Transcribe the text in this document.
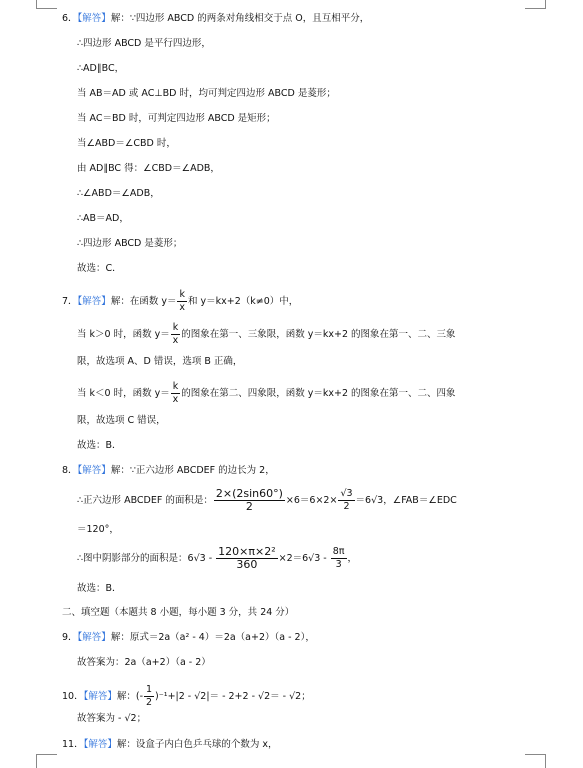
6．【解答】解：∵四边形 ABCD 的两条对角线相交于点 O，且互相平分，
∴四边形 ABCD 是平行四边形，
∴AD∥BC，
当 AB＝AD 或 AC⊥BD 时，均可判定四边形 ABCD 是菱形；
当 AC＝BD 时，可判定四边形 ABCD 是矩形；
当∠ABD＝∠CBD 时，
由 AD∥BC 得：∠CBD＝∠ADB，
∴∠ABD＝∠ADB，
∴AB＝AD，
∴四边形 ABCD 是菱形；
故选：C．
7．【解答】解：在函数 $y= \frac{k}{x}$ 和 y＝kx+2（k≠0）中，
当 k＞0 时，函数 $y= \frac{k}{x}$ 的图象在第一、三象限，函数 y＝kx+2 的图象在第一、二、三象
限，故选项 A、D 错误，选项 B 正确，
当 k＜0 时，函数 $y= \frac{k}{x}$ 的图象在第二、四象限，函数 y＝kx+2 的图象在第一、二、四象
限，故选项 C 错误，
故选：B．
8．【解答】解：∵正六边形 ABCDEF 的边长为 2，
∴正六边形 ABCDEF 的面积是： $\frac{2\times(2\sin 60^\circ)}{2} \times 6=6\times 2\times \frac{√3}{2} =6√3$，∠FAB＝∠EDC
＝120°，
∴图中阴影部分的面积是：$6√3 - \frac{\text{120×π×2²}}{360} \times 2=6√3 - \frac{8\pi}{3}$ ，
故选：B．
二、填空题（本题共 8 小题，每小题 3 分，共 24 分）
9．【解答】解：原式＝2a（a² - 4）＝2a（a+2）（a - 2），
故答案为：2a（a+2）（a - 2）
10．【解答】解：(- $\frac{1}{2} )^{-1}+|2 - √2|= - 2+2 - √2= - √2$；
故答案为 - √2；
11．【解答】解：设盒子内白色乒乓球的个数为 x，
